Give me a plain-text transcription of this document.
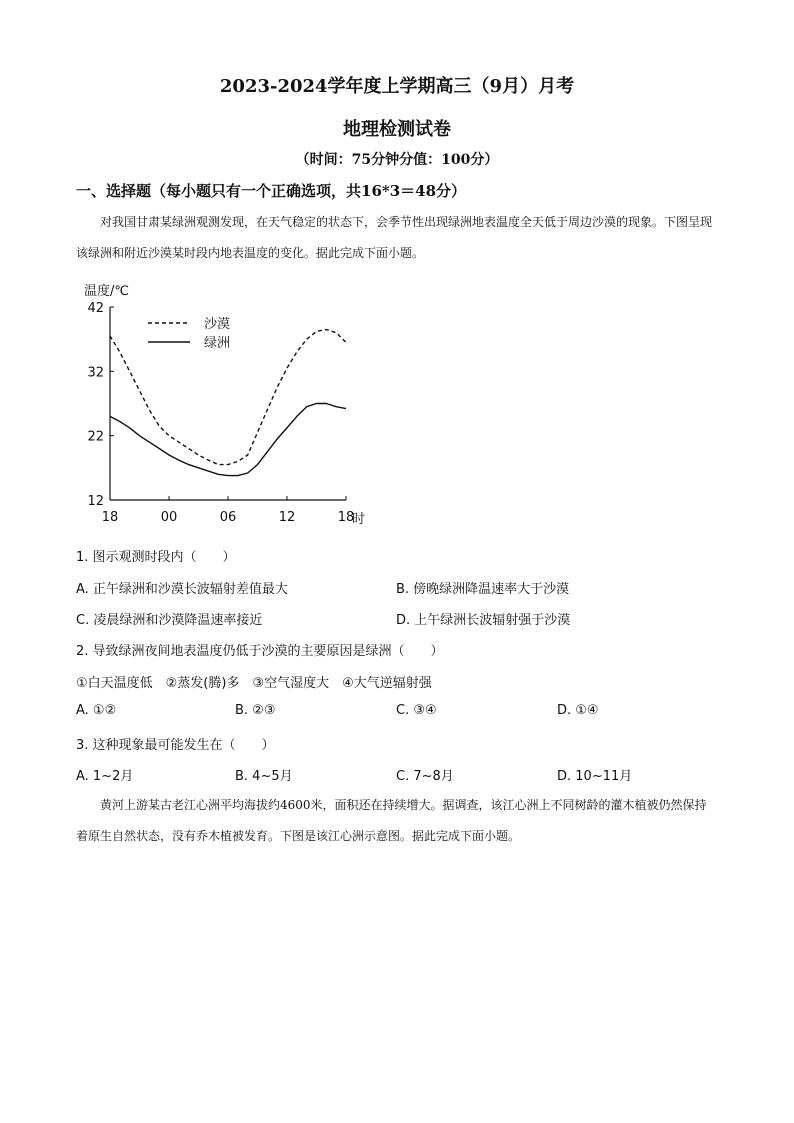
2023-2024学年度上学期高三（9月）月考
地理检测试卷
（时间：75分钟分值：100分）
一、选择题（每小题只有一个正确选项，共16*3＝48分）
对我国甘肃某绿洲观测发现，在天气稳定的状态下，会季节性出现绿洲地表温度全天低于周边沙漠的现象。下图呈现该绿洲和附近沙漠某时段内地表温度的变化。据此完成下面小题。
温度/℃
时
12
22
32
42
18	00	06	12	18
沙漠
绿洲
1. 图示观测时段内（　　）
A. 正午绿洲和沙漠长波辐射差值最大	B. 傍晚绿洲降温速率大于沙漠
C. 凌晨绿洲和沙漠降温速率接近	D. 上午绿洲长波辐射强于沙漠
2. 导致绿洲夜间地表温度仍低于沙漠的主要原因是绿洲（　　）
①白天温度低　②蒸发(腾)多　③空气湿度大　④大气逆辐射强
A. ①②	B. ②③	C. ③④	D. ①④
3. 这种现象最可能发生在（　　）
A. 1~2月	B. 4~5月	C. 7~8月	D. 10~11月
黄河上游某古老江心洲平均海拔约4600米，面积还在持续增大。据调查，该江心洲上不同树龄的灌木植被仍然保持着原生自然状态，没有乔木植被发育。下图是该江心洲示意图。据此完成下面小题。
